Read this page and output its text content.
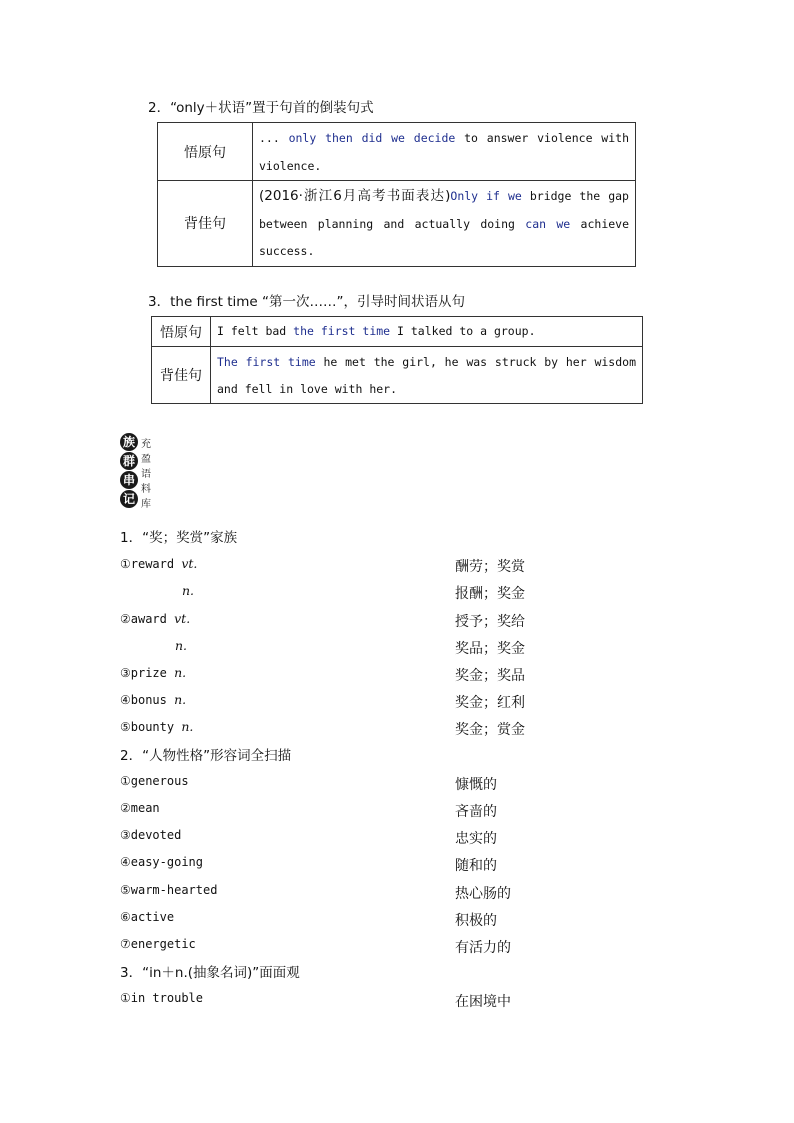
2．“only＋状语”置于句首的倒装句式
悟原句	... only then did we decide to answer violence with violence.

背佳句	(2016·浙江6月高考书面表达)Only if we bridge the gap between planning and actually doing can we achieve success.
3．the first time “第一次……”，引导时间状语从句
悟原句	I felt bad the first time I talked to a group.

背佳句	The first time he met the girl, he was struck by her wisdom and fell in love with her.
族
群
串
记
充
盈
语
料
库
1．“奖；奖赏”家族
①reward vt.	酬劳；奖赏
n.	报酬；奖金
②award vt.	授予；奖给
n.	奖品；奖金
③prize n.	奖金；奖品
④bonus n.	奖金；红利
⑤bounty n.	奖金；赏金
2．“人物性格”形容词全扫描
①generous	慷慨的
②mean	吝啬的
③devoted	忠实的
④easy-going	随和的
⑤warm-hearted	热心肠的
⑥active	积极的
⑦energetic	有活力的
3．“in＋n.(抽象名词)”面面观
①in trouble	在困境中
